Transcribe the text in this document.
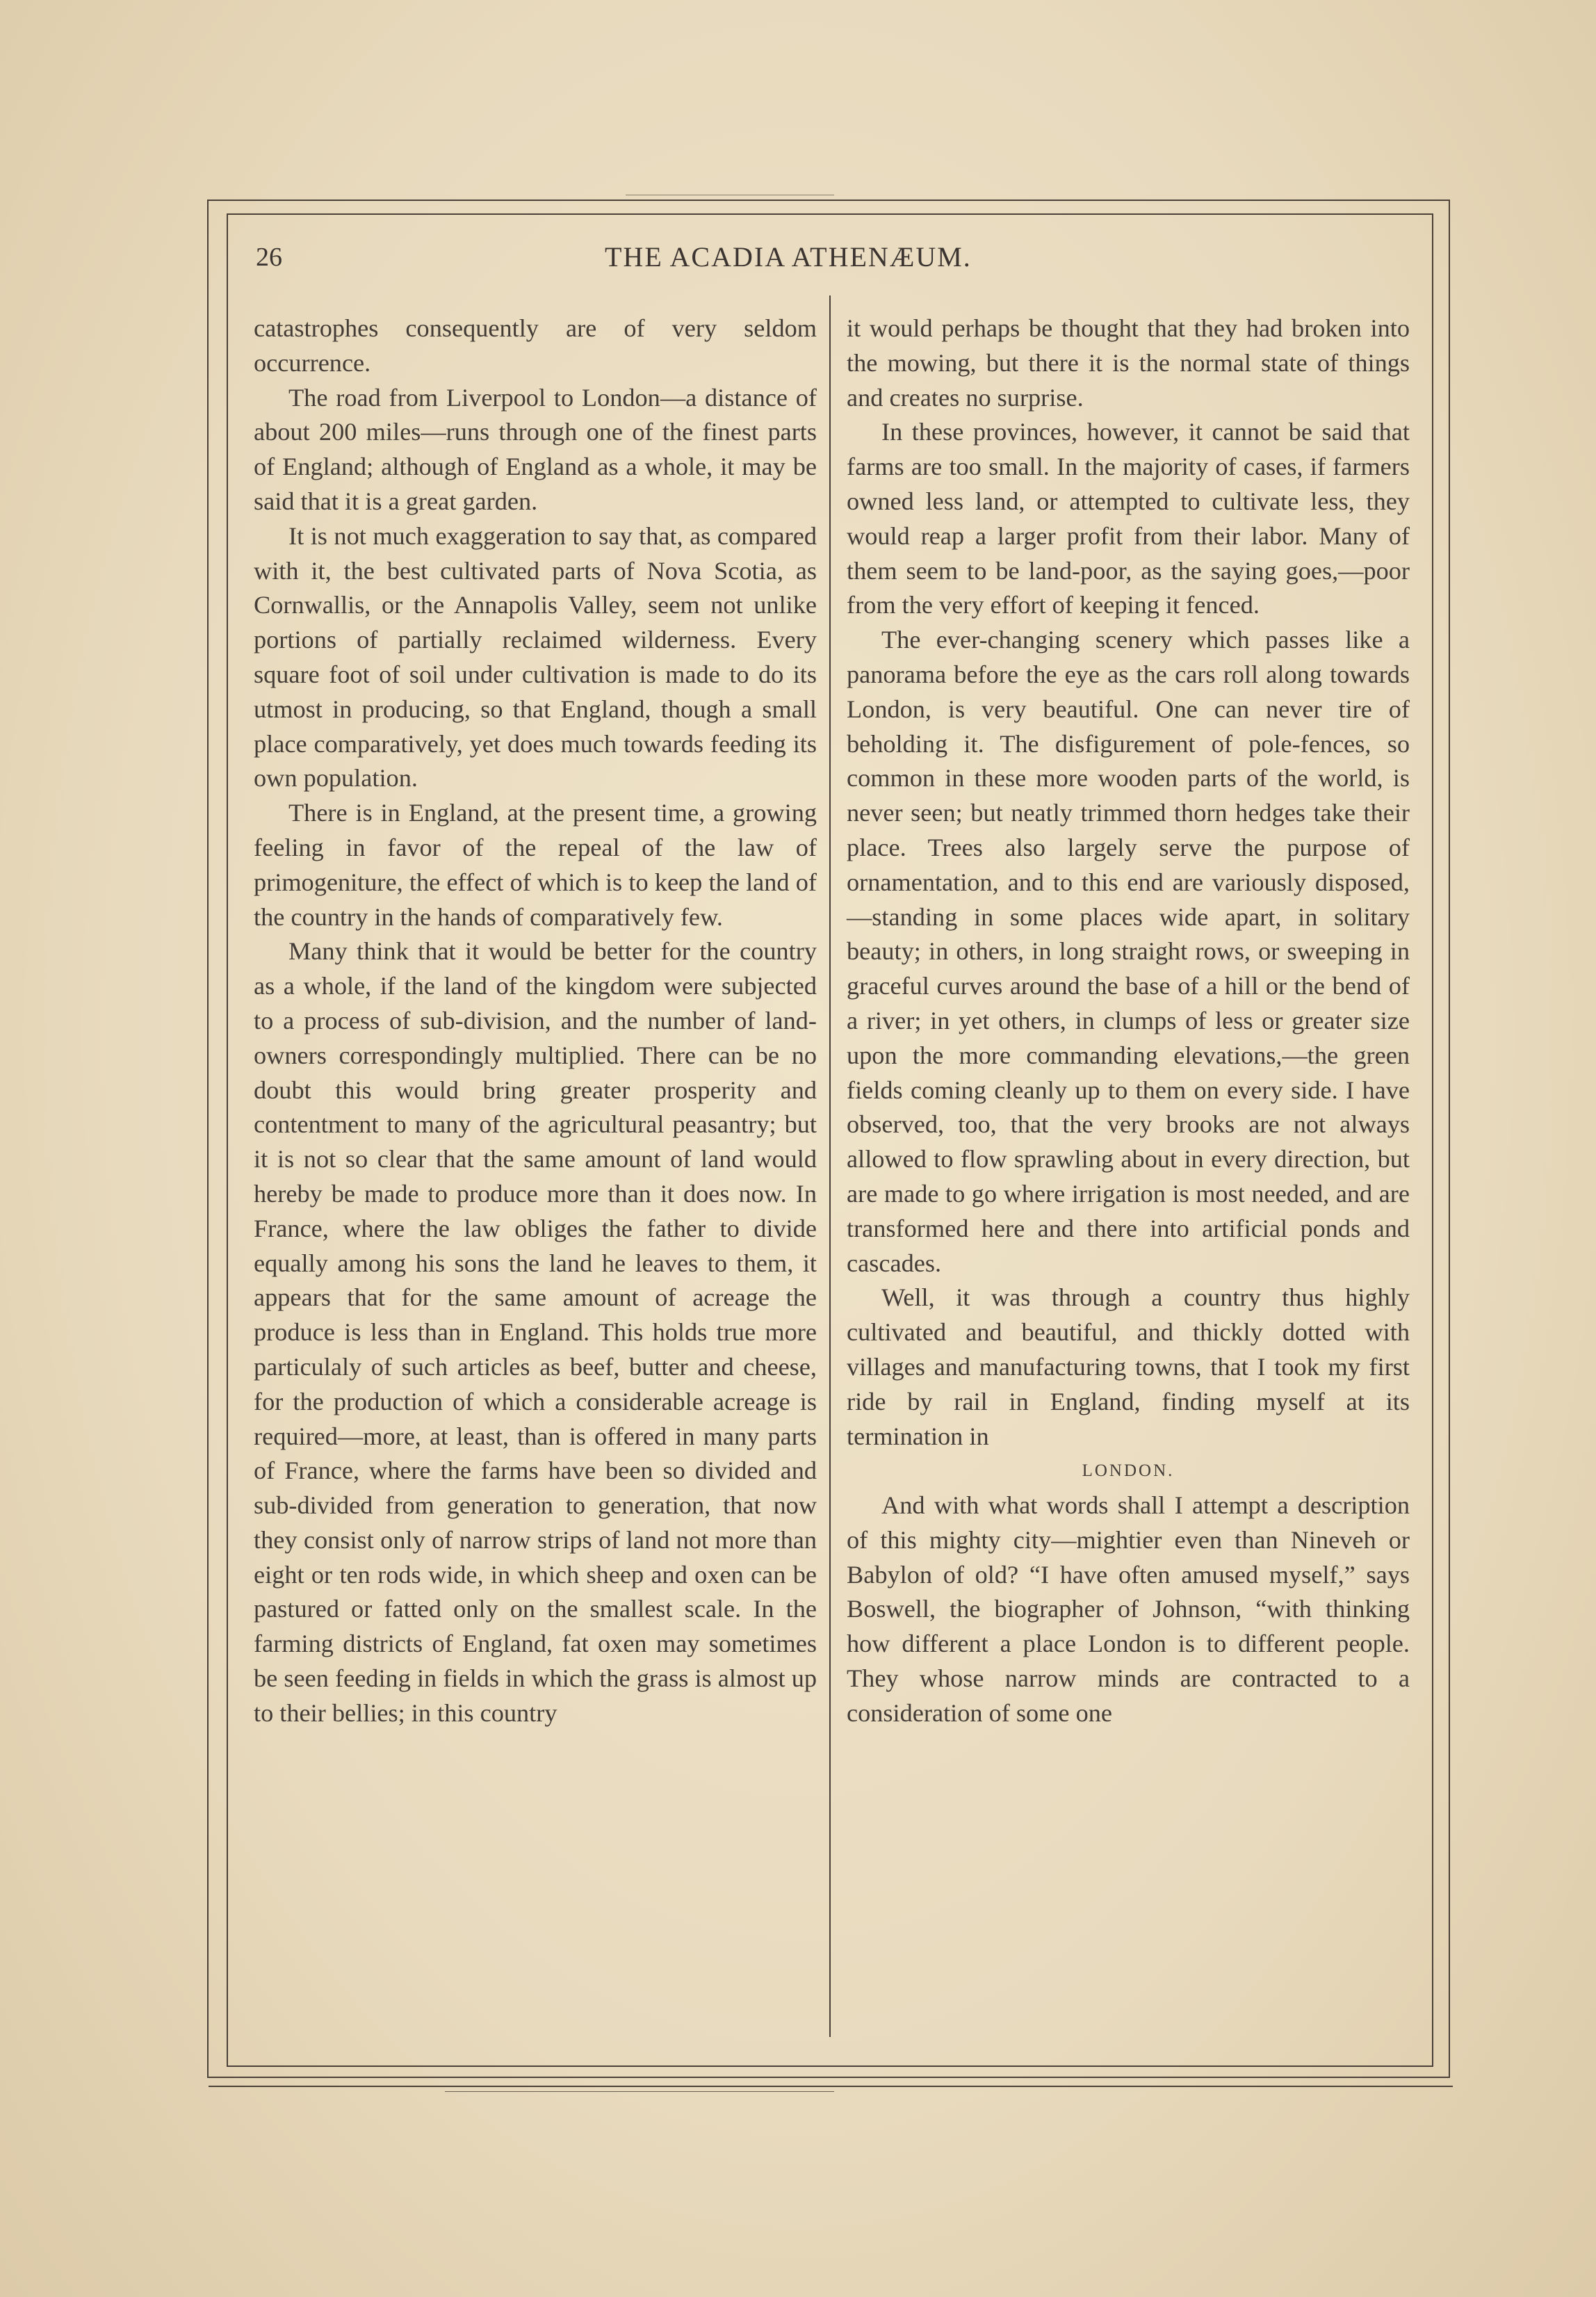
26	THE ACADIA ATHENÆUM.

catastrophes consequently are of very seldom occurrence.

The road from Liverpool to London—a distance of about 200 miles—runs through one of the finest parts of England; although of England as a whole, it may be said that it is a great garden.

It is not much exaggeration to say that, as compared with it, the best cultivated parts of Nova Scotia, as Cornwallis, or the Annapolis Valley, seem not unlike portions of partially reclaimed wilderness. Every square foot of soil under cultivation is made to do its utmost in producing, so that England, though a small place comparatively, yet does much towards feeding its own population.

There is in England, at the present time, a growing feeling in favor of the repeal of the law of primogeniture, the effect of which is to keep the land of the country in the hands of comparatively few.

Many think that it would be better for the country as a whole, if the land of the kingdom were subjected to a process of sub-division, and the number of land-owners correspondingly multiplied. There can be no doubt this would bring greater prosperity and contentment to many of the agricultural peasantry; but it is not so clear that the same amount of land would hereby be made to produce more than it does now. In France, where the law obliges the father to divide equally among his sons the land he leaves to them, it appears that for the same amount of acreage the produce is less than in England. This holds true more particulaly of such articles as beef, butter and cheese, for the production of which a considerable acreage is required—more, at least, than is offered in many parts of France, where the farms have been so divided and sub-divided from generation to generation, that now they consist only of narrow strips of land not more than eight or ten rods wide, in which sheep and oxen can be pastured or fatted only on the smallest scale. In the farming districts of England, fat oxen may sometimes be seen feeding in fields in which the grass is almost up to their bellies; in this country

it would perhaps be thought that they had broken into the mowing, but there it is the normal state of things and creates no surprise.

In these provinces, however, it cannot be said that farms are too small. In the majority of cases, if farmers owned less land, or attempted to cultivate less, they would reap a larger profit from their labor. Many of them seem to be land-poor, as the saying goes,—poor from the very effort of keeping it fenced.

The ever-changing scenery which passes like a panorama before the eye as the cars roll along towards London, is very beautiful. One can never tire of beholding it. The disfigurement of pole-fences, so common in these more wooden parts of the world, is never seen; but neatly trimmed thorn hedges take their place. Trees also largely serve the purpose of ornamentation, and to this end are variously disposed,—standing in some places wide apart, in solitary beauty; in others, in long straight rows, or sweeping in graceful curves around the base of a hill or the bend of a river; in yet others, in clumps of less or greater size upon the more commanding elevations,—the green fields coming cleanly up to them on every side. I have observed, too, that the very brooks are not always allowed to flow sprawling about in every direction, but are made to go where irrigation is most needed, and are transformed here and there into artificial ponds and cascades.

Well, it was through a country thus highly cultivated and beautiful, and thickly dotted with villages and manufacturing towns, that I took my first ride by rail in England, finding myself at its termination in

LONDON.

And with what words shall I attempt a description of this mighty city—mightier even than Nineveh or Babylon of old? “I have often amused myself,” says Boswell, the biographer of Johnson, “with thinking how different a place London is to different people. They whose narrow minds are contracted to a consideration of some one
